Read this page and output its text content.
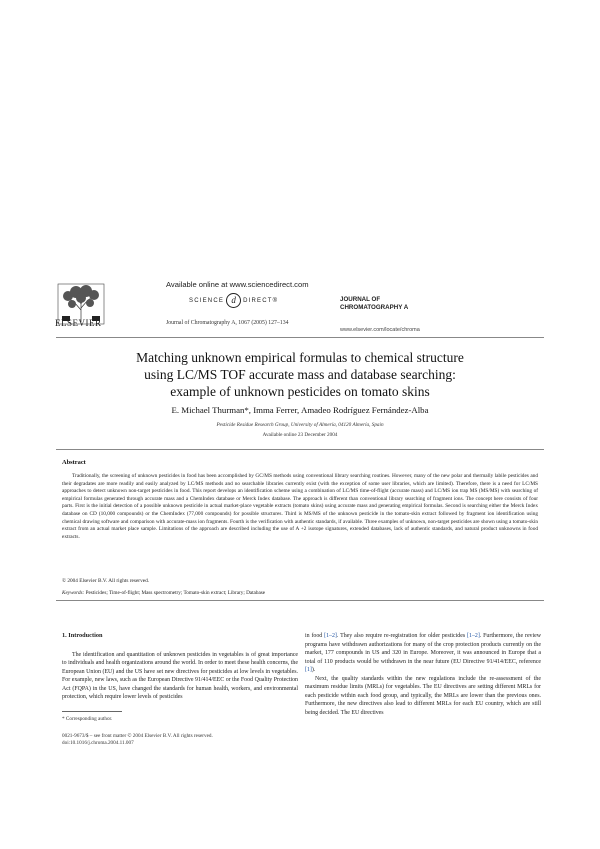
ELSEVIER
Available online at www.sciencedirect.com
SCIENCE d	DIRECT®
Journal of Chromatography A, 1067 (2005) 127–134
JOURNAL OF
CHROMATOGRAPHY A
www.elsevier.com/locate/chroma
Matching unknown empirical formulas to chemical structure
using LC/MS TOF accurate mass and database searching:
example of unknown pesticides on tomato skins
E. Michael Thurman*, Imma Ferrer, Amadeo Rodríguez Fernández-Alba
Pesticide Residue Research Group, University of Almería, 04120 Almería, Spain
Available online 23 December 2004
Abstract

Traditionally, the screening of unknown pesticides in food has been accomplished by GC/MS methods using conventional library searching routines. However, many of the new polar and thermally labile pesticides and their degradates are more readily and easily analyzed by LC/MS methods and no searchable libraries currently exist (with the exception of some user libraries, which are limited). Therefore, there is a need for LC/MS approaches to detect unknown non-target pesticides in food. This report develops an identification scheme using a combination of LC/MS time-of-flight (accurate mass) and LC/MS ion trap MS (MS/MS) with searching of empirical formulas generated through accurate mass and a ChemIndex database or Merck Index database. The approach is different than conventional library searching of fragment ions. The concept here consists of four parts. First is the initial detection of a possible unknown pesticide in actual market-place vegetable extracts (tomato skins) using accurate mass and generating empirical formulas. Second is searching either the Merck Index database on CD (10,000 compounds) or the ChemIndex (77,000 compounds) for possible structures. Third is MS/MS of the unknown pesticide in the tomato-skin extract followed by fragment ion identification using chemical drawing software and comparison with accurate-mass ion fragments. Fourth is the verification with authentic standards, if available. Three examples of unknown, non-target pesticides are shown using a tomato-skin extract from an actual market place sample. Limitations of the approach are described including the use of A +2 isotope signatures, extended databases, lack of authentic standards, and natural product unknowns in food extracts.

© 2004 Elsevier B.V. All rights reserved.
Keywords: Pesticides; Time-of-flight; Mass spectrometry; Tomato-skin extract; Library; Database
1. Introduction

The identification and quantitation of unknown pesticides in vegetables is of great importance to individuals and health organizations around the world. In order to meet these health concerns, the European Union (EU) and the US have set new directives for pesticides at low levels in vegetables. For example, new laws, such as the European Directive 91/414/EEC or the Food Quality Protection Act (FQPA) in the US, have changed the standards for human health, workers, and environmental protection, which require lower levels of pesticides

in food [1–2]. They also require re-registration for older pesticides [1–2]. Furthermore, the review programs have withdrawn authorizations for many of the crop protection products currently on the market, 177 compounds in US and 320 in Europe. Moreover, it was announced in Europe that a total of 110 products would be withdrawn in the near future (EU Directive 91/414/EEC, reference [1]).

Next, the quality standards within the new regulations include the re-assessment of the maximum residue limits (MRLs) for vegetables. The EU directives are setting different MRLs for each pesticide within each food group, and typically, the MRLs are lower than the previous ones. Furthermore, the new directives also lead to different MRLs for each EU country, which are still being decided. The EU directives

* Corresponding author.
0021-9673/$ – see front matter © 2004 Elsevier B.V. All rights reserved.
doi:10.1016/j.chroma.2004.11.007
